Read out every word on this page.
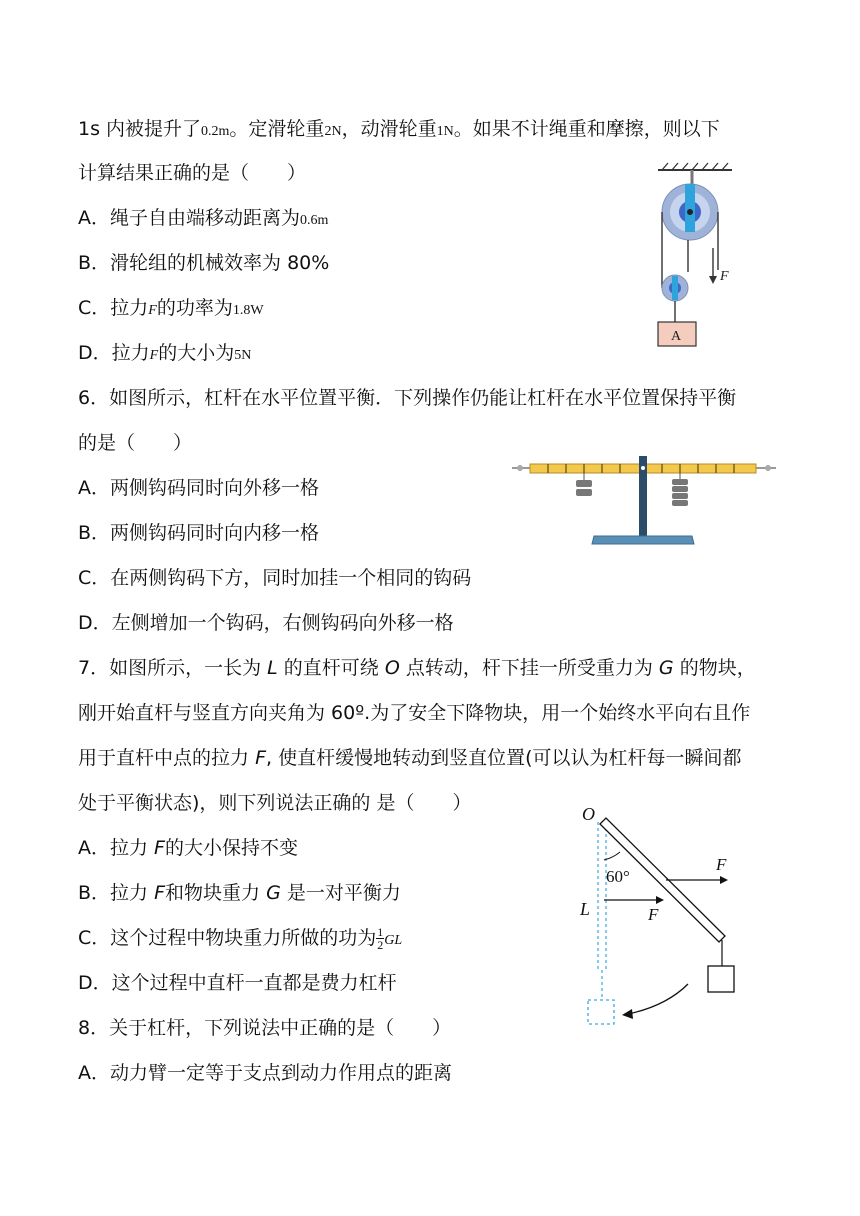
1s 内被提升了0.2m。定滑轮重2N，动滑轮重1N。如果不计绳重和摩擦，则以下
计算结果正确的是（　　）
A．绳子自由端移动距离为0.6m
B．滑轮组的机械效率为 80%
C．拉力F的功率为1.8W
D．拉力F的大小为5N
F
A
6．如图所示，杠杆在水平位置平衡．下列操作仍能让杠杆在水平位置保持平衡
的是（　　）
A．两侧钩码同时向外移一格
B．两侧钩码同时向内移一格
C．在两侧钩码下方，同时加挂一个相同的钩码
D．左侧增加一个钩码，右侧钩码向外移一格
7．如图所示，一长为 L 的直杆可绕 O 点转动，杆下挂一所受重力为 G 的物块，
刚开始直杆与竖直方向夹角为 60º.为了安全下降物块，用一个始终水平向右且作
用于直杆中点的拉力 F, 使直杆缓慢地转动到竖直位置(可以认为杠杆每一瞬间都
处于平衡状态)，则下列说法正确的 是（　　）
A．拉力 F的大小保持不变
B．拉力 F和物块重力 G 是一对平衡力
C．这个过程中物块重力所做的功为 $\frac{1}{2}$ GL
D．这个过程中直杆一直都是费力杠杆
O
60°
F
L	F
8．关于杠杆，下列说法中正确的是（　　）
A．动力臂一定等于支点到动力作用点的距离
